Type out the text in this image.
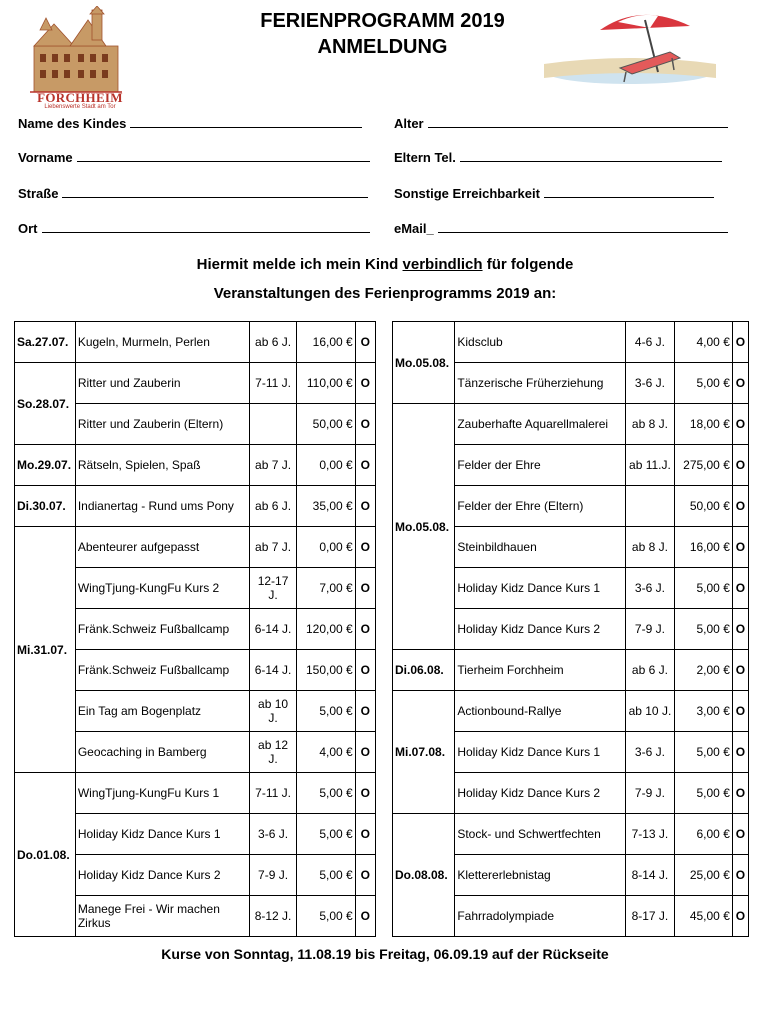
FORCHHEIM
Liebenswerte Stadt am Tor
FERIENPROGRAMM 2019
ANMELDUNG
Name des Kindes	Alter
Vorname	Eltern Tel.
Straße	Sonstige Erreichbarkeit
Ort	eMail_
Hiermit melde ich mein Kind verbindlich für folgende
Veranstaltungen des Ferienprogramms 2019 an:
Sa.27.07.	Kugeln, Murmeln, Perlen	ab 6 J.	16,00 €	O
So.28.07.	Ritter und Zauberin	7-11 J.	110,00 €	O
	Ritter und Zauberin (Eltern)		50,00 €	O
Mo.29.07.	Rätseln, Spielen, Spaß	ab 7 J.	0,00 €	O
Di.30.07.	Indianertag - Rund ums Pony	ab 6 J.	35,00 €	O
Mi.31.07.	Abenteurer aufgepasst	ab 7 J.	0,00 €	O
	WingTjung-KungFu Kurs 2	12-17 J.	7,00 €	O
	Fränk.Schweiz Fußballcamp	6-14 J.	120,00 €	O
	Fränk.Schweiz Fußballcamp	6-14 J.	150,00 €	O
	Ein Tag am Bogenplatz	ab 10 J.	5,00 €	O
	Geocaching in Bamberg	ab 12 J.	4,00 €	O
Do.01.08.	WingTjung-KungFu Kurs 1	7-11 J.	5,00 €	O
	Holiday Kidz Dance Kurs 1	3-6 J.	5,00 €	O
	Holiday Kidz Dance Kurs 2	7-9 J.	5,00 €	O
	Manege Frei - Wir machen Zirkus	8-12 J.	5,00 €	O
Mo.05.08.	Kidsclub	4-6 J.	4,00 €	O
	Tänzerische Früherziehung	3-6 J.	5,00 €	O
Mo.05.08.	Zauberhafte Aquarellmalerei	ab 8 J.	18,00 €	O
	Felder der Ehre	ab 11.J.	275,00 €	O
	Felder der Ehre (Eltern)		50,00 €	O
	Steinbildhauen	ab 8 J.	16,00 €	O
	Holiday Kidz Dance Kurs 1	3-6 J.	5,00 €	O
	Holiday Kidz Dance Kurs 2	7-9 J.	5,00 €	O
Di.06.08.	Tierheim Forchheim	ab 6 J.	2,00 €	O
Mi.07.08.	Actionbound-Rallye	ab 10 J.	3,00 €	O
	Holiday Kidz Dance Kurs 1	3-6 J.	5,00 €	O
	Holiday Kidz Dance Kurs 2	7-9 J.	5,00 €	O
Do.08.08.	Stock- und Schwertfechten	7-13 J.	6,00 €	O
	Klettererlebnistag	8-14 J.	25,00 €	O
	Fahrradolympiade	8-17 J.	45,00 €	O
Kurse von Sonntag, 11.08.19 bis Freitag, 06.09.19 auf der Rückseite
